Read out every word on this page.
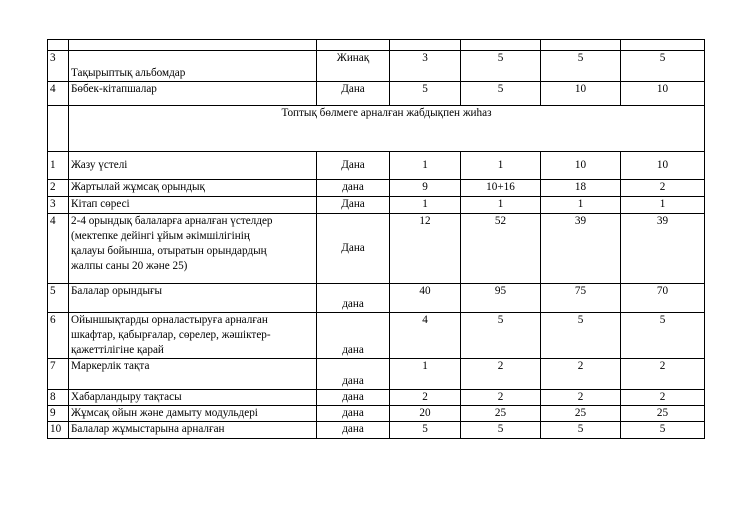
3	Тақырыптық альбомдар	Жинақ	3	5	5	5
4	Бөбек-кітапшалар	Дана	5	5	10	10
	Топтық бөлмеге арналған жабдықпен жиһаз					
1	Жазу үстелі	Дана	1	1	10	10
2	Жартылай жұмсақ орындық	дана	9	10+16	18	2
3	Кітап сөресі	Дана	1	1	1	1
4	2-4 орындық балаларға арналған үстелдер
(мектепке дейінгі ұйым әкімшілігінің
қалауы бойынша, отыратын орындардың
жалпы саны 20 және 25)	Дана	12	52	39	39
5	Балалар орындығы	дана	40	95	75	70
6	Ойыншықтарды орналастыруға арналған
шкафтар, қабырғалар, сөрелер, жәшіктер-
қажеттілігіне қарай	дана	4	5	5	5
7	Маркерлік тақта	дана	1	2	2	2
8	Хабарландыру тақтасы	дана	2	2	2	2
9	Жұмсақ ойын және дамыту модульдері	дана	20	25	25	25
10	Балалар жұмыстарына арналған	дана	5	5	5	5
